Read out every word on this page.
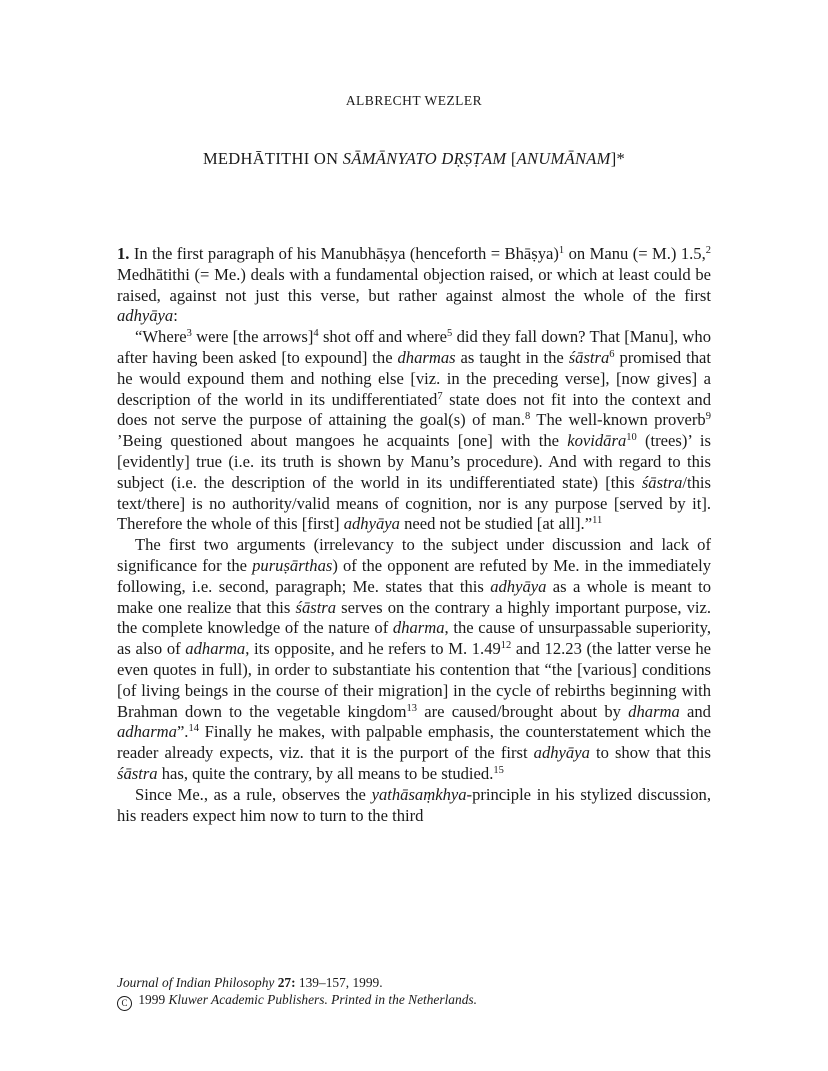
ALBRECHT WEZLER
MEDHĀTITHI ON SĀMĀNYATO DṚṢṬAM [ANUMĀNAM]*

1. In the first paragraph of his Manubhāṣya (henceforth = Bhāṣya)$^1$ on Manu (= M.) 1.5,$^2$ Medhātithi (= Me.) deals with a fundamental objection raised, or which at least could be raised, against not just this verse, but rather against almost the whole of the first adhyāya:

“Where$^3$ were [the arrows]$^4$ shot off and where$^5$ did they fall down? That [Manu], who after having been asked [to expound] the dharmas as taught in the śāstra$^6$ promised that he would expound them and nothing else [viz. in the preceding verse], [now gives] a description of the world in its undifferentiated$^7$ state does not fit into the context and does not serve the purpose of attaining the goal(s) of man.$^8$ The well-known proverb$^9$ ’Being questioned about mangoes he acquaints [one] with the kovidāra$^{10}$ (trees)’ is [evidently] true (i.e. its truth is shown by Manu’s procedure). And with regard to this subject (i.e. the description of the world in its undifferentiated state) [this śāstra/this text/there] is no authority/valid means of cognition, nor is any purpose [served by it]. Therefore the whole of this [first] adhyāya need not be studied [at all].”$^{11}$

The first two arguments (irrelevancy to the subject under discussion and lack of significance for the puruṣārthas) of the opponent are refuted by Me. in the immediately following, i.e. second, paragraph; Me. states that this adhyāya as a whole is meant to make one realize that this śāstra serves on the contrary a highly important purpose, viz. the complete knowledge of the nature of dharma, the cause of unsurpassable superiority, as also of adharma, its opposite, and he refers to M. 1.49$^{12}$ and 12.23 (the latter verse he even quotes in full), in order to substantiate his contention that “the [various] conditions [of living beings in the course of their migration] in the cycle of rebirths beginning with Brahman down to the vegetable kingdom$^{13}$ are caused/brought about by dharma and adharma”.$^{14}$ Finally he makes, with palpable emphasis, the counterstatement which the reader already expects, viz. that it is the purport of the first adhyāya to show that this śāstra has, quite the contrary, by all means to be studied.$^{15}$

Since Me., as a rule, observes the yathāsaṃkhya-principle in his stylized discussion, his readers expect him now to turn to the third

Journal of Indian Philosophy 27: 139–157, 1999.
C 1999 Kluwer Academic Publishers. Printed in the Netherlands.
